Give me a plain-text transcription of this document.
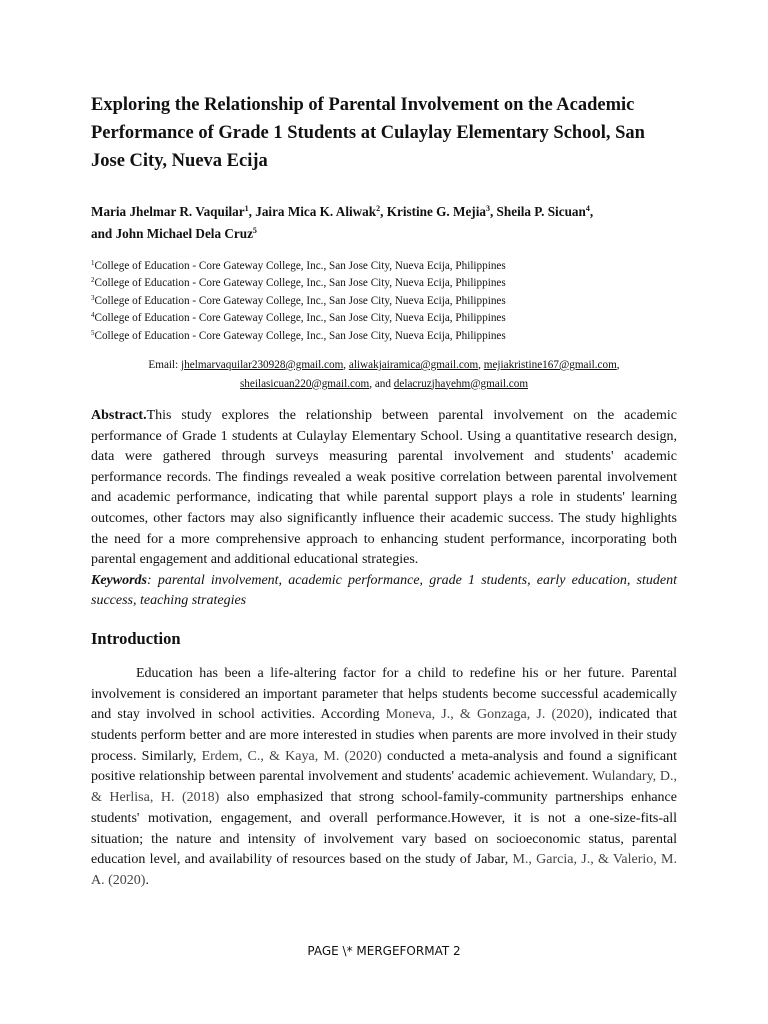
Exploring the Relationship of Parental Involvement on the Academic Performance of Grade 1 Students at Culaylay Elementary School, San Jose City, Nueva Ecija
Maria Jhelmar R. Vaquilar$^1$, Jaira Mica K. Aliwak$^2$, Kristine G. Mejia$^3$, Sheila P. Sicuan$^4$,
and John Michael Dela Cruz$^5$
$^1$College of Education - Core Gateway College, Inc., San Jose City, Nueva Ecija, Philippines
$^2$College of Education - Core Gateway College, Inc., San Jose City, Nueva Ecija, Philippines
$^3$College of Education - Core Gateway College, Inc., San Jose City, Nueva Ecija, Philippines
$^4$College of Education - Core Gateway College, Inc., San Jose City, Nueva Ecija, Philippines
$^5$College of Education - Core Gateway College, Inc., San Jose City, Nueva Ecija, Philippines
Email: jhelmarvaquilar230928@gmail.com, aliwakjairamica@gmail.com, mejiakristine167@gmail.com,
sheilasicuan220@gmail.com, and delacruzjhayehm@gmail.com
Abstract.This study explores the relationship between parental involvement on the academic performance of Grade 1 students at Culaylay Elementary School. Using a quantitative research design, data were gathered through surveys measuring parental involvement and students' academic performance records. The findings revealed a weak positive correlation between parental involvement and academic performance, indicating that while parental support plays a role in students' learning outcomes, other factors may also significantly influence their academic success. The study highlights the need for a more comprehensive approach to enhancing student performance, incorporating both parental engagement and additional educational strategies.
Keywords: parental involvement, academic performance, grade 1 students, early education, student success, teaching strategies
Introduction

Education has been a life-altering factor for a child to redefine his or her future. Parental involvement is considered an important parameter that helps students become successful academically and stay involved in school activities. According Moneva, J., & Gonzaga, J. (2020), indicated that students perform better and are more interested in studies when parents are more involved in their study process. Similarly, Erdem, C., & Kaya, M. (2020) conducted a meta-analysis and found a significant positive relationship between parental involvement and students' academic achievement. Wulandary, D., & Herlisa, H. (2018) also emphasized that strong school-family-community partnerships enhance students' motivation, engagement, and overall performance.However, it is not a one-size-fits-all situation; the nature and intensity of involvement vary based on socioeconomic status, parental education level, and availability of resources based on the study of Jabar, M., Garcia, J., & Valerio, M. A. (2020).

PAGE \* MERGEFORMAT 2
